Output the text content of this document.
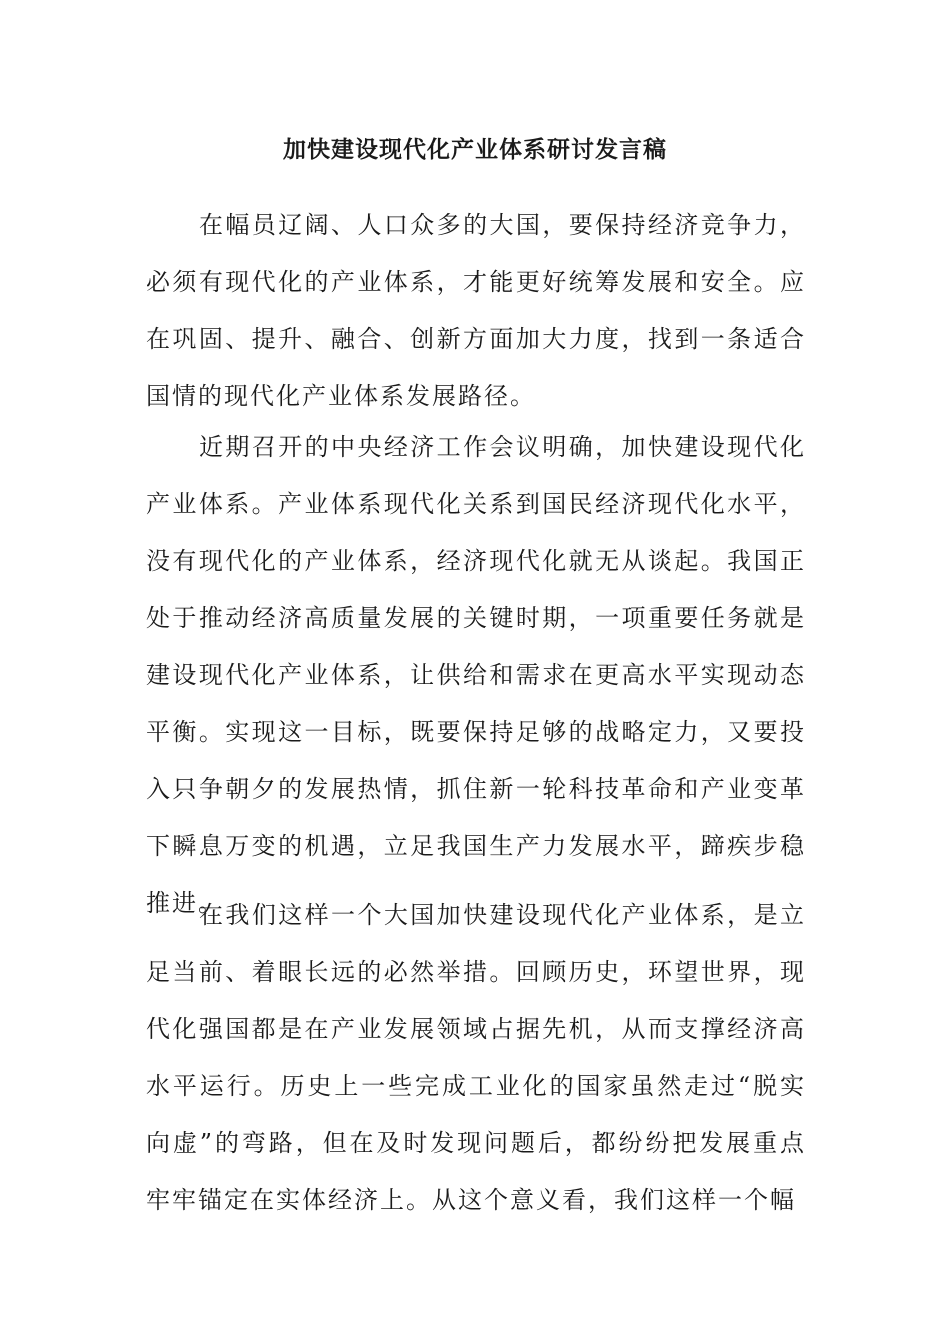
加快建设现代化产业体系研讨发言稿

在幅员辽阔、人口众多的大国，要保持经济竞争力，必须有现代化的产业体系，才能更好统筹发展和安全。应在巩固、提升、融合、创新方面加大力度，找到一条适合国情的现代化产业体系发展路径。

近期召开的中央经济工作会议明确，加快建设现代化产业体系。产业体系现代化关系到国民经济现代化水平，没有现代化的产业体系，经济现代化就无从谈起。我国正处于推动经济高质量发展的关键时期，一项重要任务就是建设现代化产业体系，让供给和需求在更高水平实现动态平衡。实现这一目标，既要保持足够的战略定力，又要投入只争朝夕的发展热情，抓住新一轮科技革命和产业变革下瞬息万变的机遇，立足我国生产力发展水平，蹄疾步稳推进。

在我们这样一个大国加快建设现代化产业体系，是立足当前、着眼长远的必然举措。回顾历史，环望世界，现代化强国都是在产业发展领域占据先机，从而支撑经济高水平运行。历史上一些完成工业化的国家虽然走过“脱实向虚”的弯路，但在及时发现问题后，都纷纷把发展重点牢牢锚定在实体经济上。从这个意义看，我们这样一个幅
